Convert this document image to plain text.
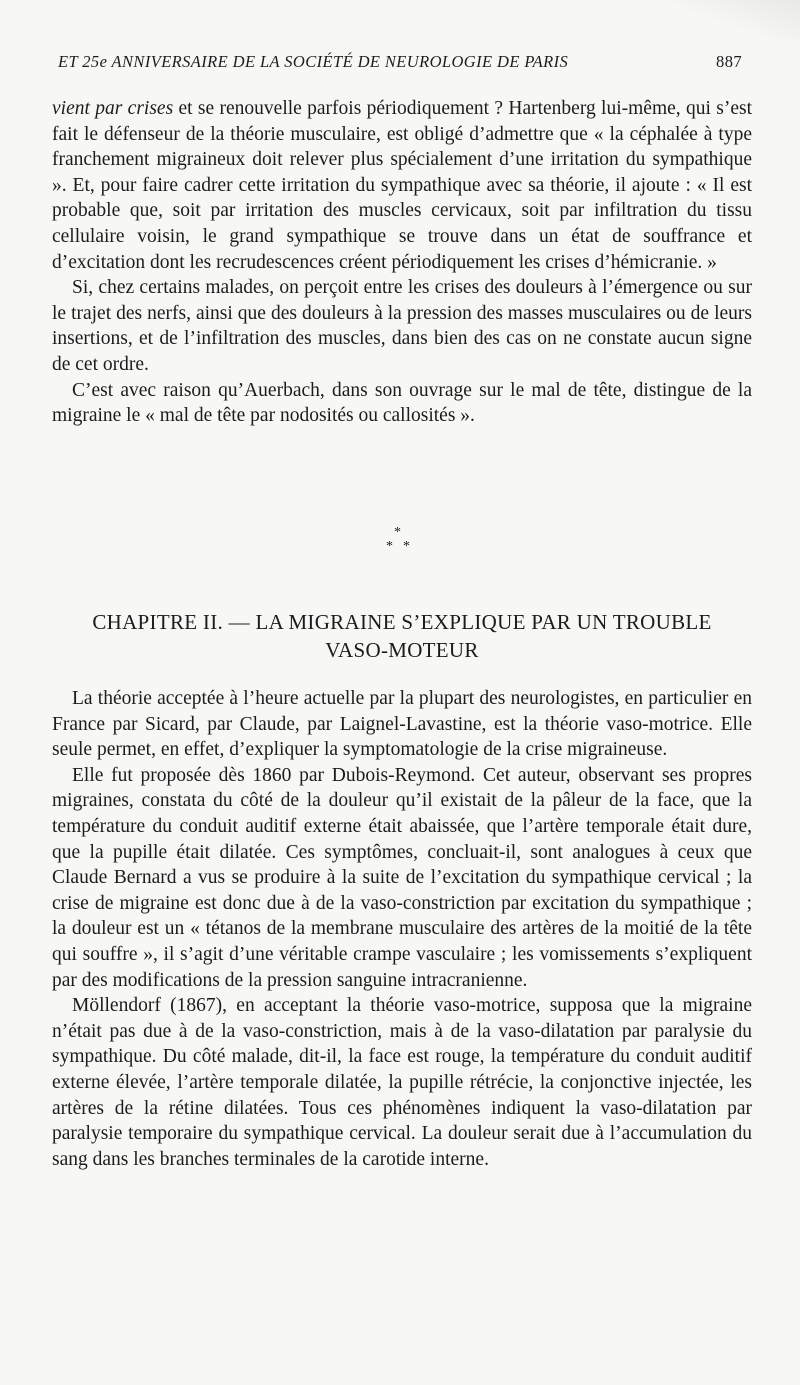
ET 25e ANNIVERSAIRE DE LA SOCIÉTÉ DE NEUROLOGIE DE PARIS	887

vient par crises et se renouvelle parfois périodiquement ? Hartenberg lui-même, qui s’est fait le défenseur de la théorie musculaire, est obligé d’admettre que « la céphalée à type franchement migraineux doit relever plus spécialement d’une irritation du sympathique ». Et, pour faire cadrer cette irritation du sympathique avec sa théorie, il ajoute : « Il est probable que, soit par irritation des muscles cervicaux, soit par infiltration du tissu cellulaire voisin, le grand sympathique se trouve dans un état de souffrance et d’excitation dont les recrudescences créent périodiquement les crises d’hémicranie. »

Si, chez certains malades, on perçoit entre les crises des douleurs à l’émergence ou sur le trajet des nerfs, ainsi que des douleurs à la pression des masses musculaires ou de leurs insertions, et de l’infiltration des muscles, dans bien des cas on ne constate aucun signe de cet ordre.

C’est avec raison qu’Auerbach, dans son ouvrage sur le mal de tête, distingue de la migraine le « mal de tête par nodosités ou callosités ».

*
* *
CHAPITRE II. — LA MIGRAINE S’EXPLIQUE PAR UN TROUBLE
VASO-MOTEUR

La théorie acceptée à l’heure actuelle par la plupart des neurologistes, en particulier en France par Sicard, par Claude, par Laignel-Lavastine, est la théorie vaso-motrice. Elle seule permet, en effet, d’expliquer la symptomatologie de la crise migraineuse.

Elle fut proposée dès 1860 par Dubois-Reymond. Cet auteur, observant ses propres migraines, constata du côté de la douleur qu’il existait de la pâleur de la face, que la température du conduit auditif externe était abaissée, que l’artère temporale était dure, que la pupille était dilatée. Ces symptômes, concluait-il, sont analogues à ceux que Claude Bernard a vus se produire à la suite de l’excitation du sympathique cervical ; la crise de migraine est donc due à de la vaso-constriction par excitation du sympathique ; la douleur est un « tétanos de la membrane musculaire des artères de la moitié de la tête qui souffre », il s’agit d’une véritable crampe vasculaire ; les vomissements s’expliquent par des modifications de la pression sanguine intracranienne.

Möllendorf (1867), en acceptant la théorie vaso-motrice, supposa que la migraine n’était pas due à de la vaso-constriction, mais à de la vaso-dilatation par paralysie du sympathique. Du côté malade, dit-il, la face est rouge, la température du conduit auditif externe élevée, l’artère temporale dilatée, la pupille rétrécie, la conjonctive injectée, les artères de la rétine dilatées. Tous ces phénomènes indiquent la vaso-dilatation par paralysie temporaire du sympathique cervical. La douleur serait due à l’accumulation du sang dans les branches terminales de la carotide interne.
